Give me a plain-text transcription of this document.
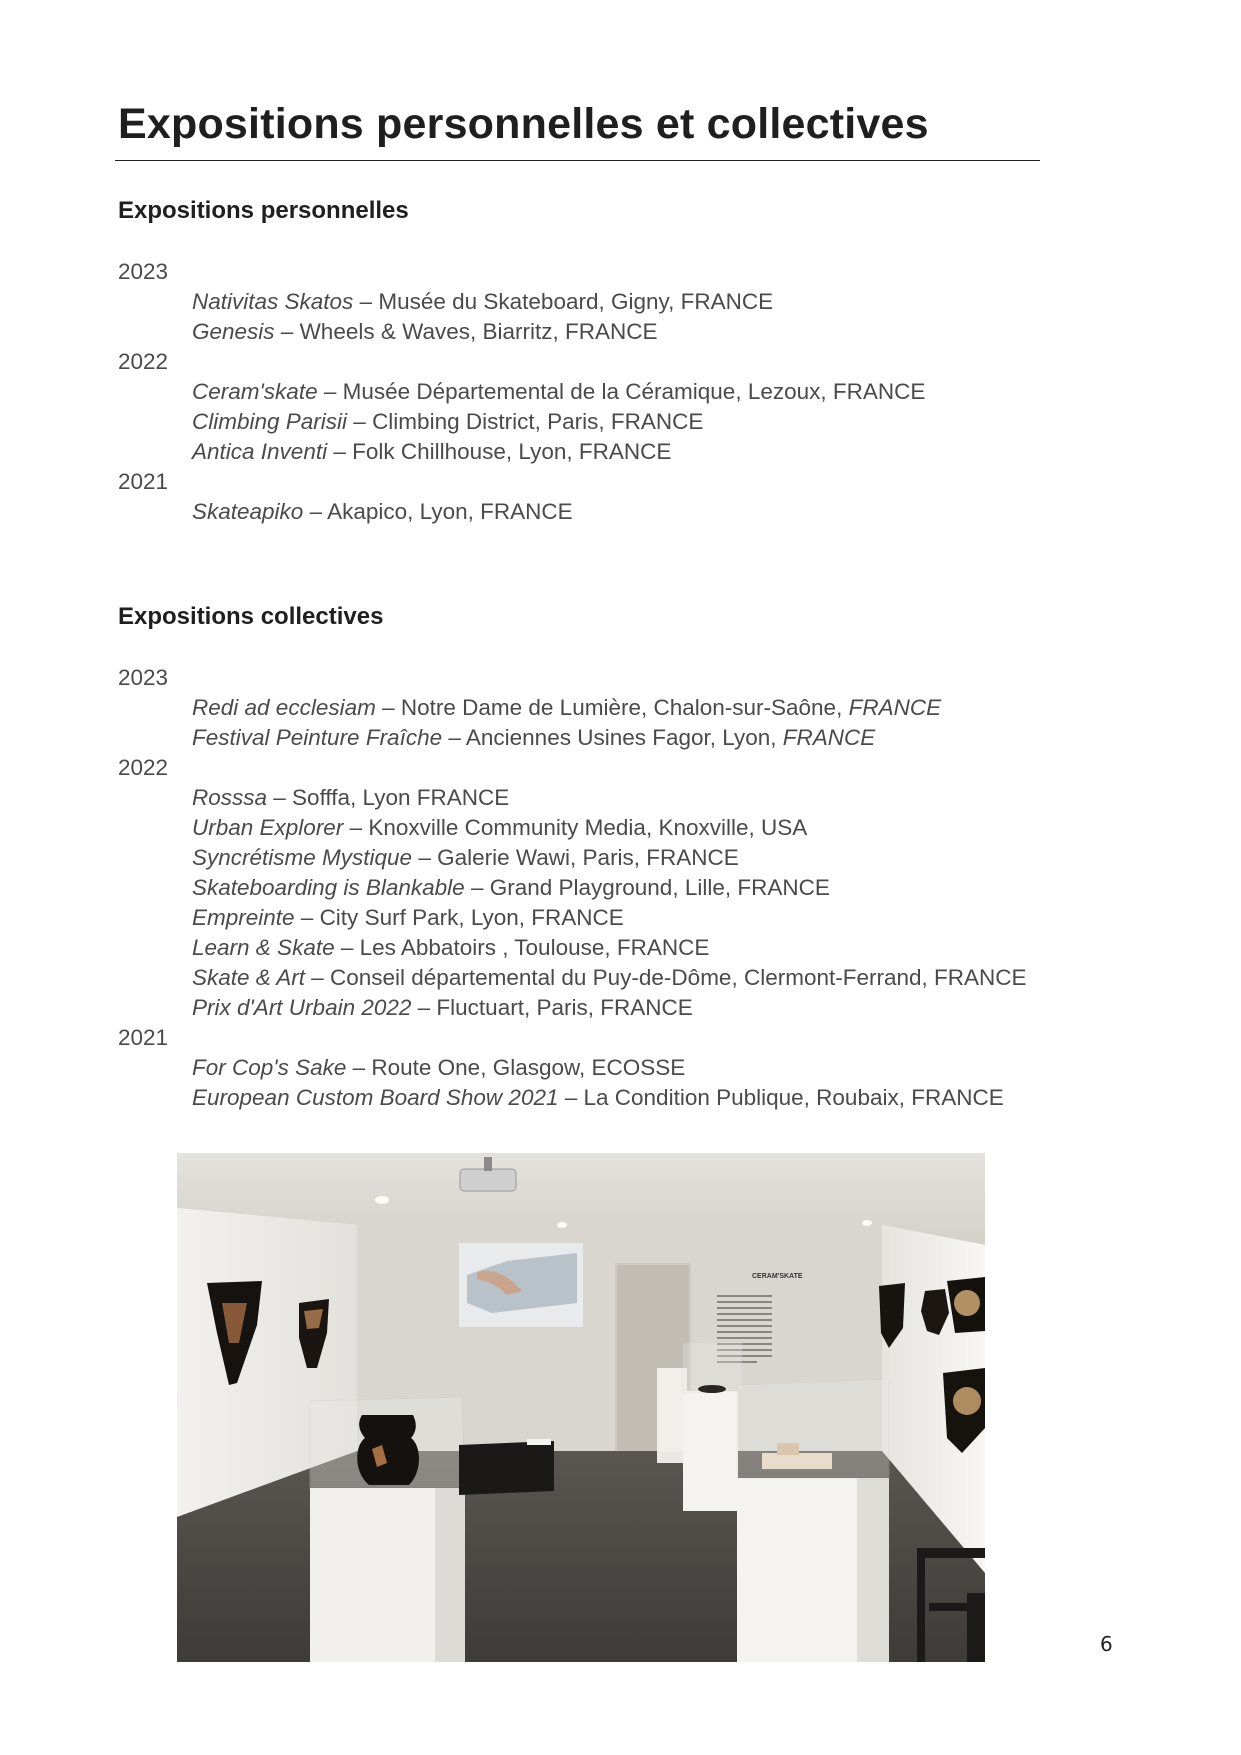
Expositions personnelles et collectives
Expositions personnelles
2023
Nativitas Skatos – Musée du Skateboard, Gigny, FRANCE
Genesis – Wheels & Waves, Biarritz, FRANCE
2022
Ceram'skate – Musée Départemental de la Céramique, Lezoux, FRANCE
Climbing Parisii – Climbing District, Paris, FRANCE
Antica Inventi – Folk Chillhouse, Lyon, FRANCE
2021
Skateapiko – Akapico, Lyon, FRANCE
Expositions collectives
2023
Redi ad ecclesiam – Notre Dame de Lumière, Chalon-sur-Saône, FRANCE
Festival Peinture Fraîche – Anciennes Usines Fagor, Lyon, FRANCE
2022
Rosssa – Sofffa, Lyon FRANCE
Urban Explorer – Knoxville Community Media, Knoxville, USA
Syncrétisme Mystique – Galerie Wawi, Paris, FRANCE
Skateboarding is Blankable – Grand Playground, Lille, FRANCE
Empreinte – City Surf Park, Lyon, FRANCE
Learn & Skate – Les Abbatoirs , Toulouse, FRANCE
Skate & Art – Conseil départemental du Puy-de-Dôme, Clermont-Ferrand, FRANCE
Prix d'Art Urbain 2022 – Fluctuart, Paris, FRANCE
2021
For Cop's Sake – Route One, Glasgow, ECOSSE
European Custom Board Show 2021 – La Condition Publique, Roubaix, FRANCE
CERAM'SKATE
6
